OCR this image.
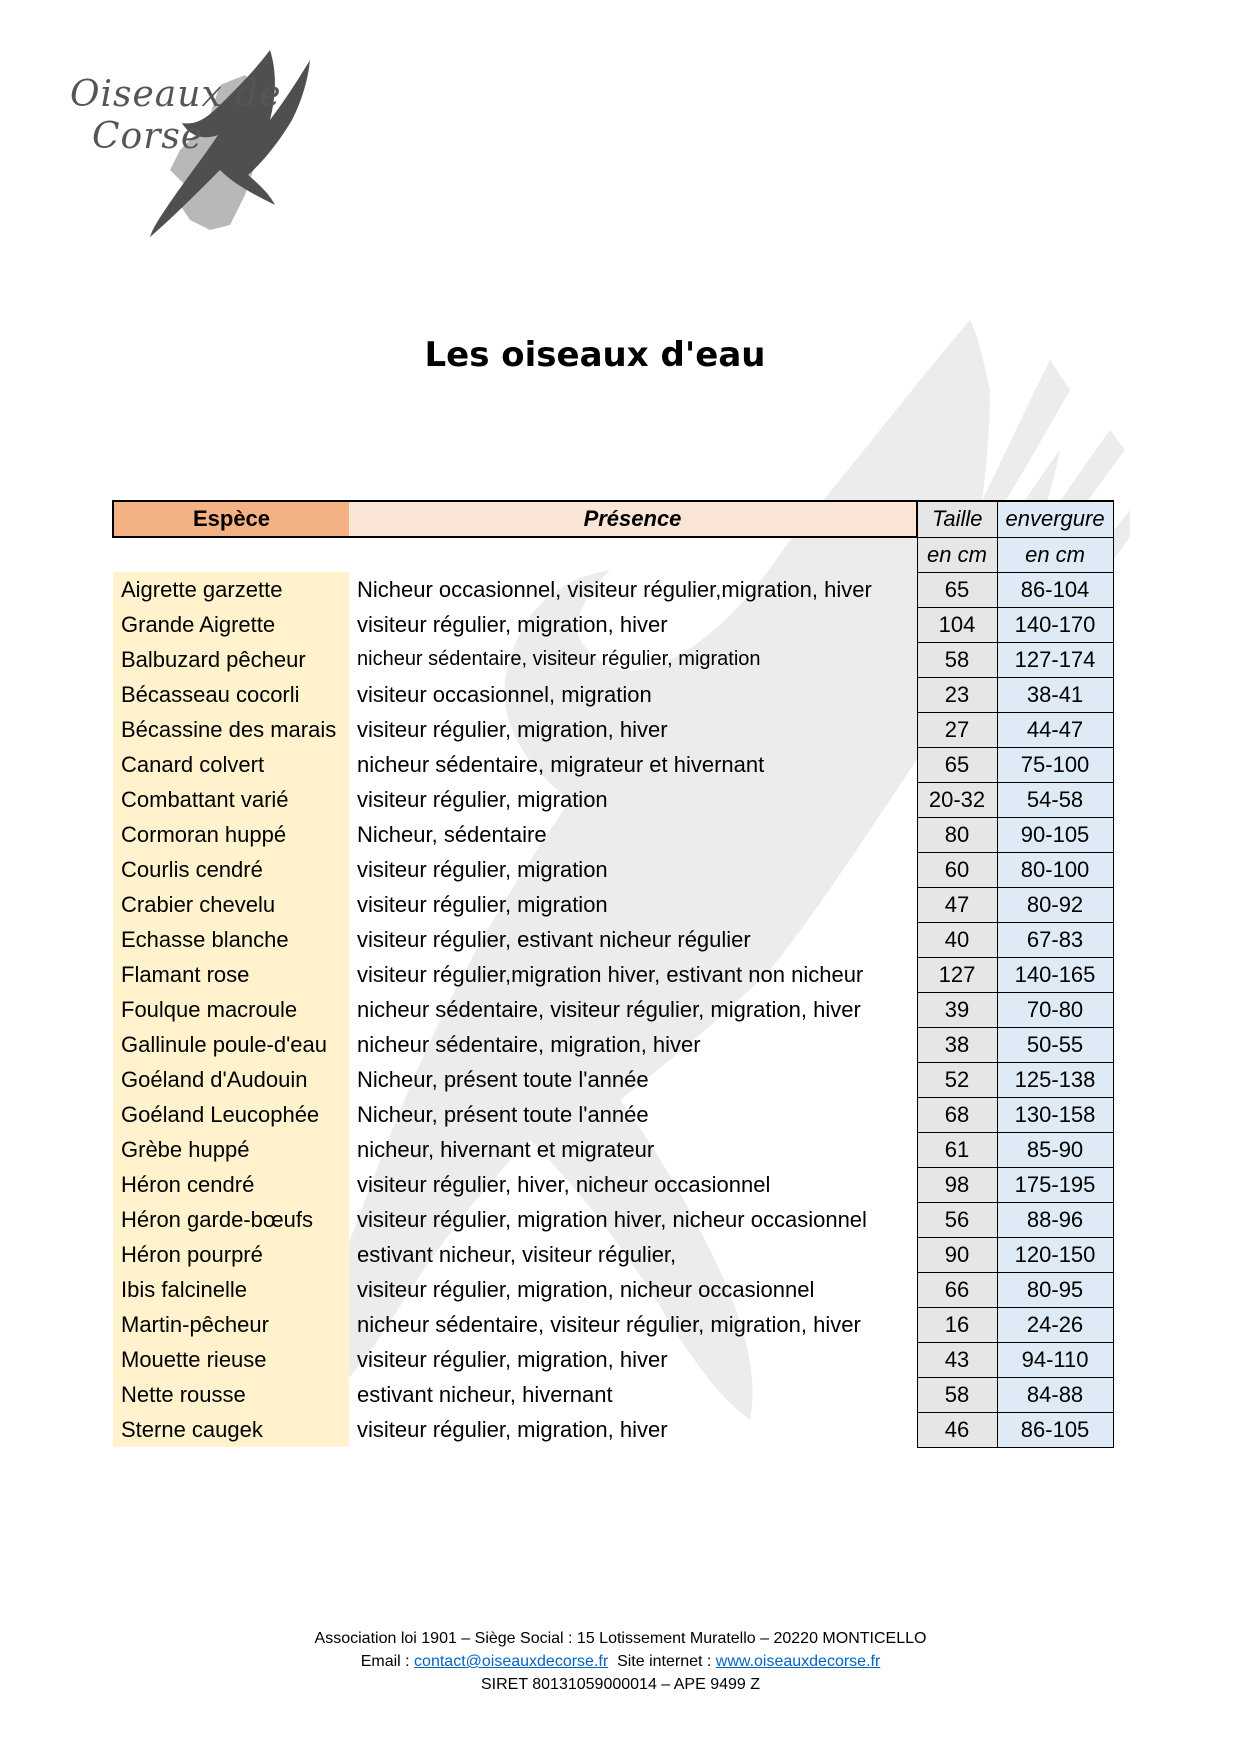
Oiseaux de
Corse
Les oiseaux d'eau
Espèce	Présence	Taille	envergure
		en cm	en cm
Aigrette garzette	Nicheur occasionnel, visiteur régulier,migration, hiver	65	86-104
Grande Aigrette	visiteur régulier, migration, hiver	104	140-170
Balbuzard pêcheur	nicheur sédentaire, visiteur régulier, migration	58	127-174
Bécasseau cocorli	visiteur occasionnel, migration	23	38-41
Bécassine des marais	visiteur régulier, migration, hiver	27	44-47
Canard colvert	nicheur sédentaire, migrateur et hivernant	65	75-100
Combattant varié	visiteur régulier, migration	20-32	54-58
Cormoran huppé	Nicheur, sédentaire	80	90-105
Courlis cendré	visiteur régulier, migration	60	80-100
Crabier chevelu	visiteur régulier, migration	47	80-92
Echasse blanche	visiteur régulier, estivant nicheur régulier	40	67-83
Flamant rose	visiteur régulier,migration hiver, estivant non nicheur	127	140-165
Foulque macroule	nicheur sédentaire, visiteur régulier, migration, hiver	39	70-80
Gallinule poule-d'eau	nicheur sédentaire, migration, hiver	38	50-55
Goéland d'Audouin	Nicheur, présent toute l'année	52	125-138
Goéland Leucophée	Nicheur, présent toute l'année	68	130-158
Grèbe huppé	nicheur, hivernant et migrateur	61	85-90
Héron cendré	visiteur régulier, hiver, nicheur occasionnel	98	175-195
Héron garde-bœufs	visiteur régulier, migration hiver, nicheur occasionnel	56	88-96
Héron pourpré	estivant nicheur, visiteur régulier,	90	120-150
Ibis falcinelle	visiteur régulier, migration, nicheur occasionnel	66	80-95
Martin-pêcheur	nicheur sédentaire, visiteur régulier, migration, hiver	16	24-26
Mouette rieuse	visiteur régulier, migration, hiver	43	94-110
Nette rousse	estivant nicheur, hivernant	58	84-88
Sterne caugek	visiteur régulier, migration, hiver	46	86-105
Association loi 1901 – Siège Social : 15 Lotissement Muratello – 20220 MONTICELLO
Email : contact@oiseauxdecorse.fr  Site internet : www.oiseauxdecorse.fr
SIRET 80131059000014 – APE 9499 Z
